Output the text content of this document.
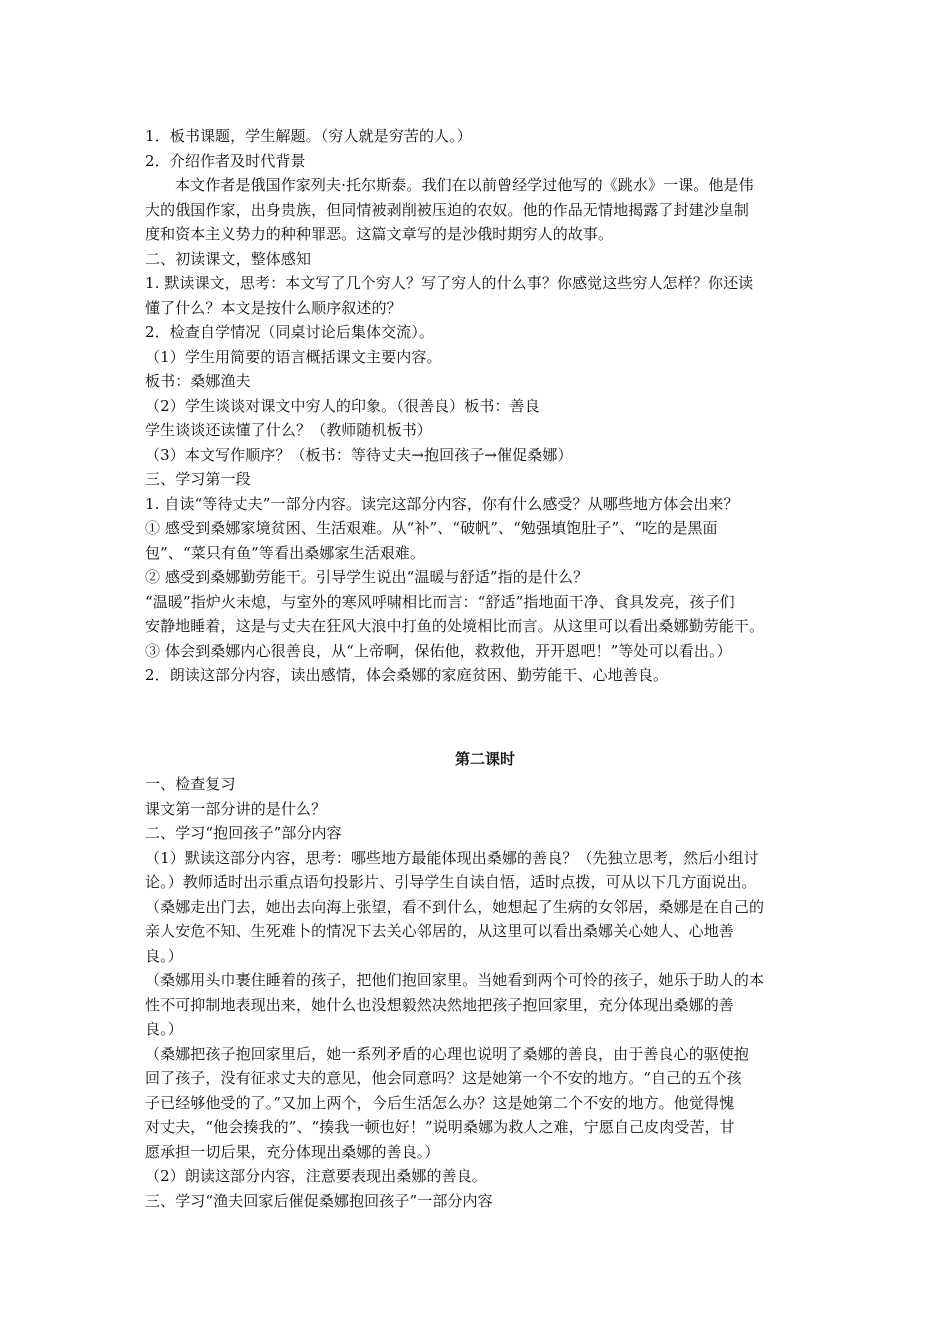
1．板书课题，学生解题。（穷人就是穷苦的人。）
2．介绍作者及时代背景
本文作者是俄国作家列夫·托尔斯泰。我们在以前曾经学过他写的《跳水》一课。他是伟
大的俄国作家，出身贵族，但同情被剥削被压迫的农奴。他的作品无情地揭露了封建沙皇制
度和资本主义势力的种种罪恶。这篇文章写的是沙俄时期穷人的故事。
二、初读课文，整体感知
1. 默读课文，思考：本文写了几个穷人？写了穷人的什么事？你感觉这些穷人怎样？你还读
懂了什么？本文是按什么顺序叙述的？
2．检查自学情况（同桌讨论后集体交流）。
（1）学生用简要的语言概括课文主要内容。
板书：桑娜渔夫
（2）学生谈谈对课文中穷人的印象。（很善良）板书：善良
学生谈谈还读懂了什么？（教师随机板书）
（3）本文写作顺序？（板书：等待丈夫→抱回孩子→催促桑娜）
三、学习第一段
1. 自读“等待丈夫”一部分内容。读完这部分内容，你有什么感受？从哪些地方体会出来？
① 感受到桑娜家境贫困、生活艰难。从“补”、“破帆”、“勉强填饱肚子”、“吃的是黑面
包”、“菜只有鱼”等看出桑娜家生活艰难。
② 感受到桑娜勤劳能干。引导学生说出“温暖与舒适”指的是什么？
“温暖”指炉火未熄，与室外的寒风呼啸相比而言：“舒适”指地面干净、食具发亮，孩子们
安静地睡着，这是与丈夫在狂风大浪中打鱼的处境相比而言。从这里可以看出桑娜勤劳能干。
③ 体会到桑娜内心很善良，从“上帝啊，保佑他，救救他，开开恩吧！”等处可以看出。）
2．朗读这部分内容，读出感情，体会桑娜的家庭贫困、勤劳能干、心地善良。
第二课时
一、检查复习
课文第一部分讲的是什么？
二、学习“抱回孩子”部分内容
（1）默读这部分内容，思考：哪些地方最能体现出桑娜的善良？（先独立思考，然后小组讨
论。）教师适时出示重点语句投影片、引导学生自读自悟，适时点拨，可从以下几方面说出。
（桑娜走出门去，她出去向海上张望，看不到什么，她想起了生病的女邻居，桑娜是在自己的
亲人安危不知、生死难卜的情况下去关心邻居的，从这里可以看出桑娜关心她人、心地善
良。）
（桑娜用头巾裹住睡着的孩子，把他们抱回家里。当她看到两个可怜的孩子，她乐于助人的本
性不可抑制地表现出来，她什么也没想毅然决然地把孩子抱回家里，充分体现出桑娜的善
良。）
（桑娜把孩子抱回家里后，她一系列矛盾的心理也说明了桑娜的善良，由于善良心的驱使抱
回了孩子，没有征求丈夫的意见，他会同意吗？这是她第一个不安的地方。“自己的五个孩
子已经够他受的了。”又加上两个，今后生活怎么办？这是她第二个不安的地方。他觉得愧
对丈夫，“他会揍我的”、“揍我一顿也好！”说明桑娜为救人之难，宁愿自己皮肉受苦，甘
愿承担一切后果，充分体现出桑娜的善良。）
（2）朗读这部分内容，注意要表现出桑娜的善良。
三、学习“渔夫回家后催促桑娜抱回孩子”一部分内容
